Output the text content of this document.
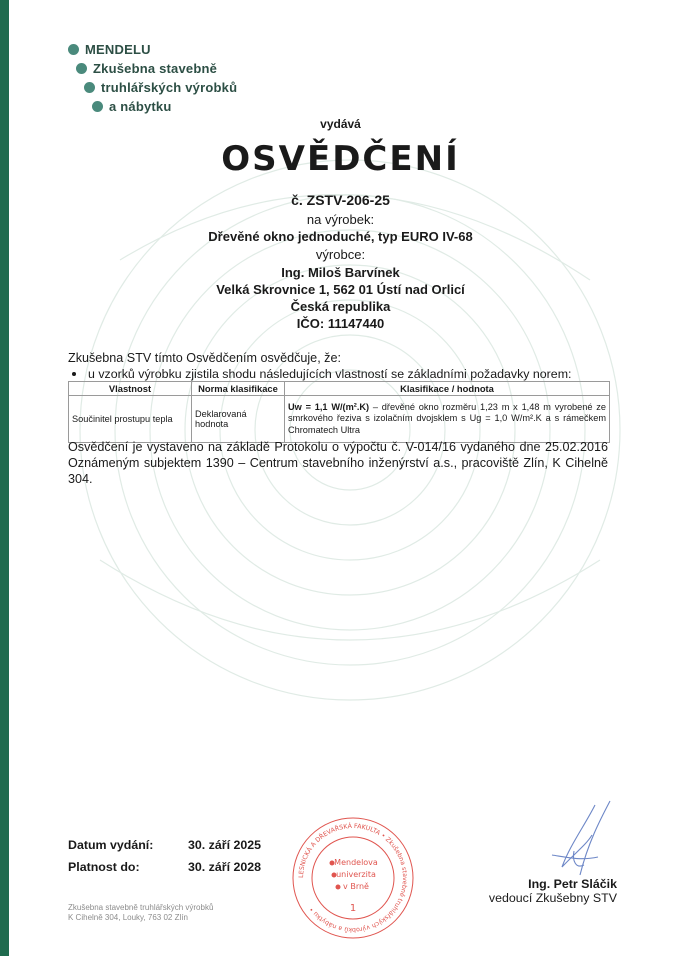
MENDELU
Zkušebna stavebně
truhlářských výrobků
a nábytku
vydává
OSVĚDČENÍ
č. ZSTV-206-25
na výrobek:
Dřevěné okno jednoduché, typ EURO IV-68
výrobce:
Ing. Miloš Barvínek
Velká Skrovnice 1, 562 01 Ústí nad Orlicí
Česká republika
IČO: 11147440
Zkušebna STV tímto Osvědčením osvědčuje, že:
u vzorků výrobku zjistila shodu následujících vlastností se základními požadavky norem:
Vlastnost	Norma klasifikace	Klasifikace / hodnota
Součinitel prostupu tepla	Deklarovaná hodnota	Uw = 1,1 W/(m².K) – dřevěné okno rozměru 1,23 m x 1,48 m vyrobené ze smrkového řeziva s izolačním dvojsklem s Ug = 1,0 W/m².K a s rámečkem Chromatech Ultra
Osvědčení je vystaveno na základě Protokolu o výpočtu č. V-014/16 vydaného dne 25.02.2016 Oznámeným subjektem 1390 – Centrum stavebního inženýrství a.s., pracoviště Zlín, K Cihelně 304.
Datum vydání:	30. září 2025
Platnost do:	30. září 2028
LESNICKÁ A DŘEVAŘSKÁ FAKULTA • Zkušebna stavebně truhlářských výrobků a nábytku •
Mendelova
univerzita
v Brně
1
Ing. Petr Sláčik
vedoucí Zkušebny STV
Zkušebna stavebně truhlářských výrobků
K Cihelně 304, Louky, 763 02 Zlín
